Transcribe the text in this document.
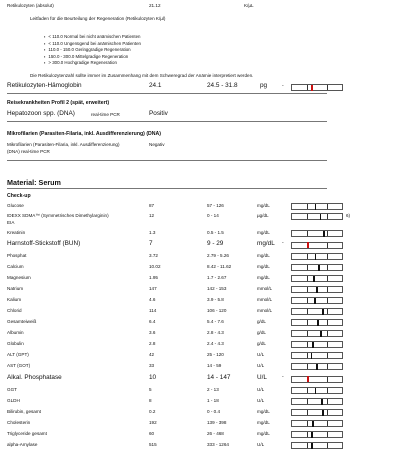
Retikulozyten (absolut)	21.12	K/µL
Leitfaden für die Beurteilung der Regeneration (Retikulozyten K/µl)
▪ < 110.0 Normal bei nicht anämischen Patienten
▪ < 110.0 Ungenügend bei anämischen Patienten
▪ 110.0 - 150.0 Geringgradige Regeneration
▪ 150.0 - 300.0 Mittelgradige Regeneration
▪ > 300.0 Hochgradige Regeneration
Die Retikulozytenzahl sollte immer im Zusammenhang mit dem Schweregrad der Anämie interpretiert werden.
Retikulozyten-Hämoglobin	24.1	24.5 - 31.8	pg	-
Reisekrankheiten Profil 2 (spät, erweitert)
Hepatozoon spp. (DNA)	real-time PCR	Positiv
Mikrofilarien (Parasiten-Filaria, inkl. Ausdifferenzierung) (DNA)
Mikrofilarien (Parasiten-Filaria, inkl. Ausdifferenzierung)	Negativ
(DNA) real-time PCR
Material: Serum
Check-up
Glucose	87	57 - 126	mg/dL
IDEXX SDMA™ (Symmetrisches Dimethylarginin)
EIA
12	0 - 14	µg/dL	6)
Kreatinin	1.3	0.5 - 1.5	mg/dL
Harnstoff-Stickstoff (BUN)	7	9 - 29	mg/dL -
Phosphat	3.72	2.79 - 5.26	mg/dL
Calcium	10.02	8.42 - 11.62	mg/dL
Magnesium	1.95	1.7 - 2.67	mg/dL
Natrium	147	142 - 153	mmol/L
Kalium	4.6	3.9 - 5.8	mmol/L
Chlorid	114	106 - 120	mmol/L
Gesamteiweiß	6.4	5.4 - 7.6	g/dL
Albumin	3.6	2.8 - 4.3	g/dL
Globulin	2.8	2.4 - 4.3	g/dL
ALT (GPT)	42	25 - 120	U/L
AST (GOT)	33	14 - 59	U/L
Alkal. Phosphatase	10	14 - 147	U/L	-
GGT	5	2 - 13	U/L
GLDH	8	1 - 18	U/L
Bilirubin, gesamt	0.2	0 - 0.4	mg/dL
Cholesterin	192	139 - 398	mg/dL
Triglyceride gesamt	60	26 - 468	mg/dL
alpha-Amylase	515	333 - 1264	U/L
